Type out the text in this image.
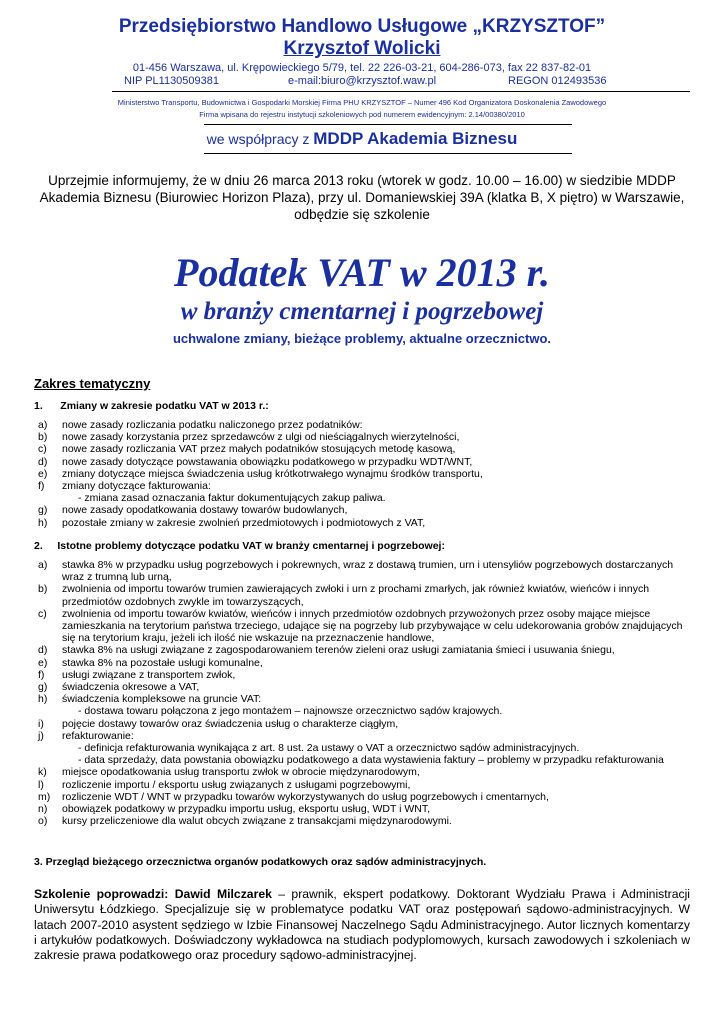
Przedsiębiorstwo Handlowo Usługowe „KRZYSZTOF”
Krzysztof Wolicki
01-456 Warszawa, ul. Krępowieckiego 5/79, tel. 22 226-03-21, 604-286-073, fax 22 837-82-01
NIP PL1130509381	e-mail:biuro@krzysztof.waw.pl	REGON 012493536
Ministerstwo Transportu, Budownictwa i Gospodarki Morskiej Firma PHU KRZYSZTOF – Numer 496 Kod Organizatora Doskonalenia Zawodowego
Firma wpisana do rejestru instytucji szkoleniowych pod numerem ewidencyjnym: 2.14/00380/2010
we współpracy z MDDP Akademia Biznesu
Uprzejmie informujemy, że w dniu 26 marca 2013 roku (wtorek w godz. 10.00 – 16.00) w siedzibie MDDP Akademia Biznesu (Biurowiec Horizon Plaza), przy ul. Domaniewskiej 39A (klatka B, X piętro) w Warszawie, odbędzie się szkolenie
Podatek VAT w 2013 r.
w branży cmentarnej i pogrzebowej
uchwalone zmiany, bieżące problemy, aktualne orzecznictwo.
Zakres tematyczny
1. Zmiany w zakresie podatku VAT w 2013 r.:
a)	nowe zasady rozliczania podatku naliczonego przez podatników:
b)	nowe zasady korzystania przez sprzedawców z ulgi od nieściągalnych wierzytelności,
c)	nowe zasady rozliczania VAT przez małych podatników stosujących metodę kasową,
d)	nowe zasady dotyczące powstawania obowiązku podatkowego w przypadku WDT/WNT,
e)	zmiany dotyczące miejsca świadczenia usług krótkotrwałego wynajmu środków transportu,
f)	zmiany dotyczące fakturowania:
- zmiana zasad oznaczania faktur dokumentujących zakup paliwa.
g)	nowe zasady opodatkowania dostawy towarów budowlanych,
h)	pozostałe zmiany w zakresie zwolnień przedmiotowych i podmiotowych z VAT,
2. Istotne problemy dotyczące podatku VAT w branży cmentarnej i pogrzebowej:
a)	stawka 8% w przypadku usług pogrzebowych i pokrewnych, wraz z dostawą trumien, urn i utensyliów pogrzebowych dostarczanych wraz z trumną lub urną,
b)	zwolnienia od importu towarów trumien zawierających zwłoki i urn z prochami zmarłych, jak również kwiatów, wieńców i innych przedmiotów ozdobnych zwykle im towarzyszących,
c)	zwolnienia od importu towarów kwiatów, wieńców i innych przedmiotów ozdobnych przywożonych przez osoby mające miejsce zamieszkania na terytorium państwa trzeciego, udające się na pogrzeby lub przybywające w celu udekorowania grobów znajdujących się na terytorium kraju, jeżeli ich ilość nie wskazuje na przeznaczenie handlowe,
d)	stawka 8% na usługi związane z zagospodarowaniem terenów zieleni oraz usługi zamiatania śmieci i usuwania śniegu,
e)	stawka 8% na pozostałe usługi komunalne,
f)	usługi związane z transportem zwłok,
g)	świadczenia okresowe a VAT,
h)	świadczenia kompleksowe na gruncie VAT:
- dostawa towaru połączona z jego montażem – najnowsze orzecznictwo sądów krajowych.
i)	pojęcie dostawy towarów oraz świadczenia usług o charakterze ciągłym,
j)	refakturowanie:
- definicja refakturowania wynikająca z art. 8 ust. 2a ustawy o VAT a orzecznictwo sądów administracyjnych.
- data sprzedaży, data powstania obowiązku podatkowego a data wystawienia faktury – problemy w przypadku refakturowania
k)	miejsce opodatkowania usług transportu zwłok w obrocie międzynarodowym,
l)	rozliczenie importu / eksportu usług związanych z usługami pogrzebowymi,
m)	rozliczenie WDT / WNT w przypadku towarów wykorzystywanych do usług pogrzebowych i cmentarnych,
n)	obowiązek podatkowy w przypadku importu usług, eksportu usług, WDT i WNT,
o)	kursy przeliczeniowe dla walut obcych związane z transakcjami międzynarodowymi.
3. Przegląd bieżącego orzecznictwa organów podatkowych oraz sądów administracyjnych.
Szkolenie poprowadzi: Dawid Milczarek – prawnik, ekspert podatkowy. Doktorant Wydziału Prawa i Administracji Uniwersytu Łódzkiego. Specjalizuje się w problematyce podatku VAT oraz postępowań sądowo-administracyjnych. W latach 2007-2010 asystent sędziego w Izbie Finansowej Naczelnego Sądu Administracyjnego. Autor licznych komentarzy i artykułów podatkowych. Doświadczony wykładowca na studiach podyplomowych, kursach zawodowych i szkoleniach w zakresie prawa podatkowego oraz procedury sądowo-administracyjnej.
